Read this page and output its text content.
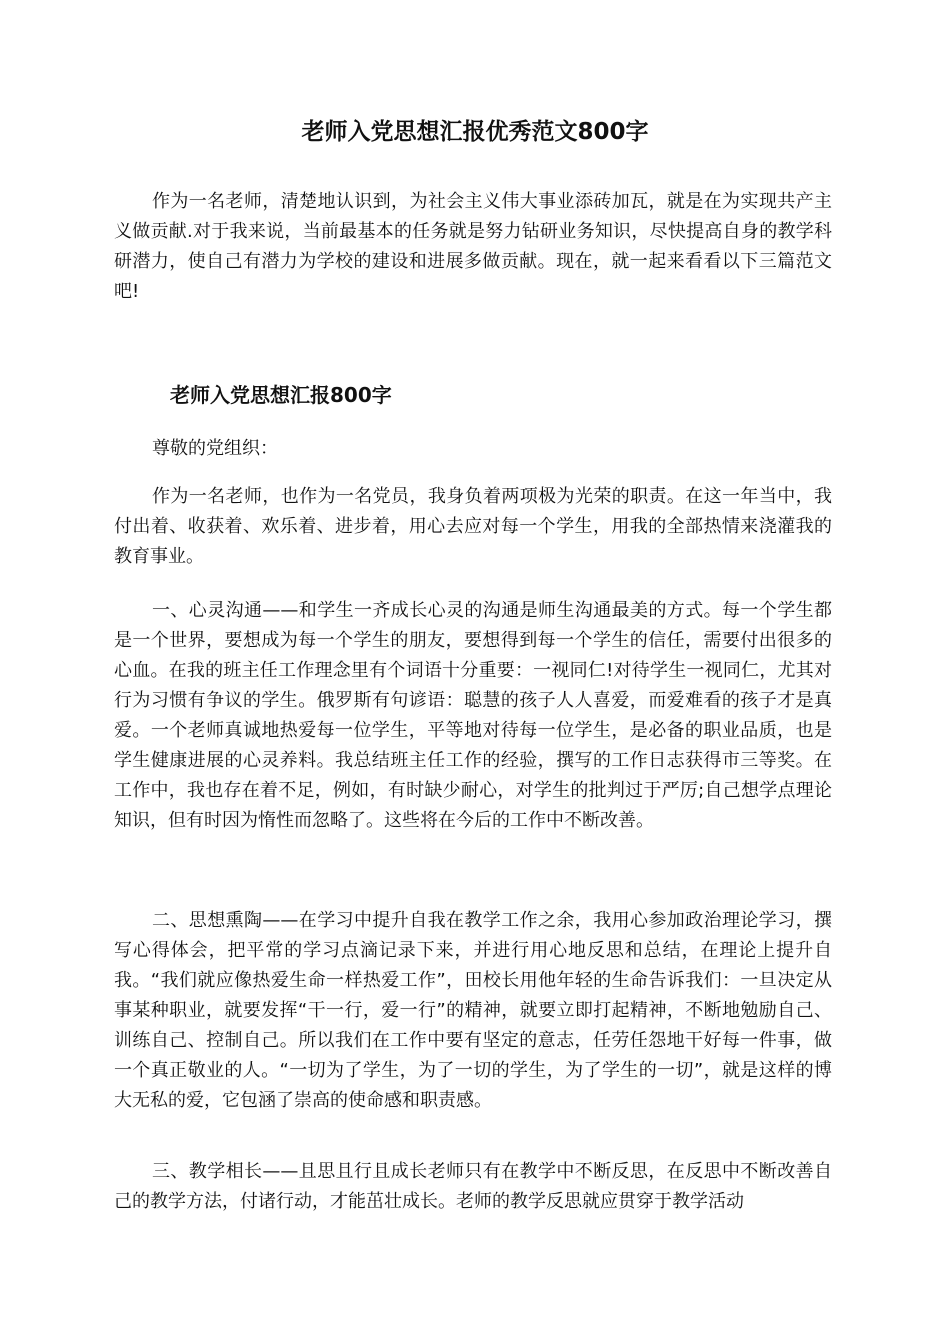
老师入党思想汇报优秀范文800字

作为一名老师，清楚地认识到，为社会主义伟大事业添砖加瓦，就是在为实现共产主义做贡献.对于我来说，当前最基本的任务就是努力钻研业务知识，尽快提高自身的教学科研潜力，使自己有潜力为学校的建设和进展多做贡献。现在，就一起来看看以下三篇范文吧!

老师入党思想汇报800字

尊敬的党组织：

作为一名老师，也作为一名党员，我身负着两项极为光荣的职责。在这一年当中，我付出着、收获着、欢乐着、进步着，用心去应对每一个学生，用我的全部热情来浇灌我的教育事业。

一、心灵沟通——和学生一齐成长心灵的沟通是师生沟通最美的方式。每一个学生都是一个世界，要想成为每一个学生的朋友，要想得到每一个学生的信任，需要付出很多的心血。在我的班主任工作理念里有个词语十分重要：一视同仁!对待学生一视同仁，尤其对行为习惯有争议的学生。俄罗斯有句谚语：聪慧的孩子人人喜爱，而爱难看的孩子才是真爱。一个老师真诚地热爱每一位学生，平等地对待每一位学生，是必备的职业品质，也是学生健康进展的心灵养料。我总结班主任工作的经验，撰写的工作日志获得市三等奖。在工作中，我也存在着不足，例如，有时缺少耐心，对学生的批判过于严厉;自己想学点理论知识，但有时因为惰性而忽略了。这些将在今后的工作中不断改善。

二、思想熏陶——在学习中提升自我在教学工作之余，我用心参加政治理论学习，撰写心得体会，把平常的学习点滴记录下来，并进行用心地反思和总结，在理论上提升自我。“我们就应像热爱生命一样热爱工作”，田校长用他年轻的生命告诉我们：一旦决定从事某种职业，就要发挥“干一行，爱一行”的精神，就要立即打起精神，不断地勉励自己、训练自己、控制自己。所以我们在工作中要有坚定的意志，任劳任怨地干好每一件事，做一个真正敬业的人。“一切为了学生，为了一切的学生，为了学生的一切”，就是这样的博大无私的爱，它包涵了崇高的使命感和职责感。

三、教学相长——且思且行且成长老师只有在教学中不断反思，在反思中不断改善自己的教学方法，付诸行动，才能茁壮成长。老师的教学反思就应贯穿于教学活动
